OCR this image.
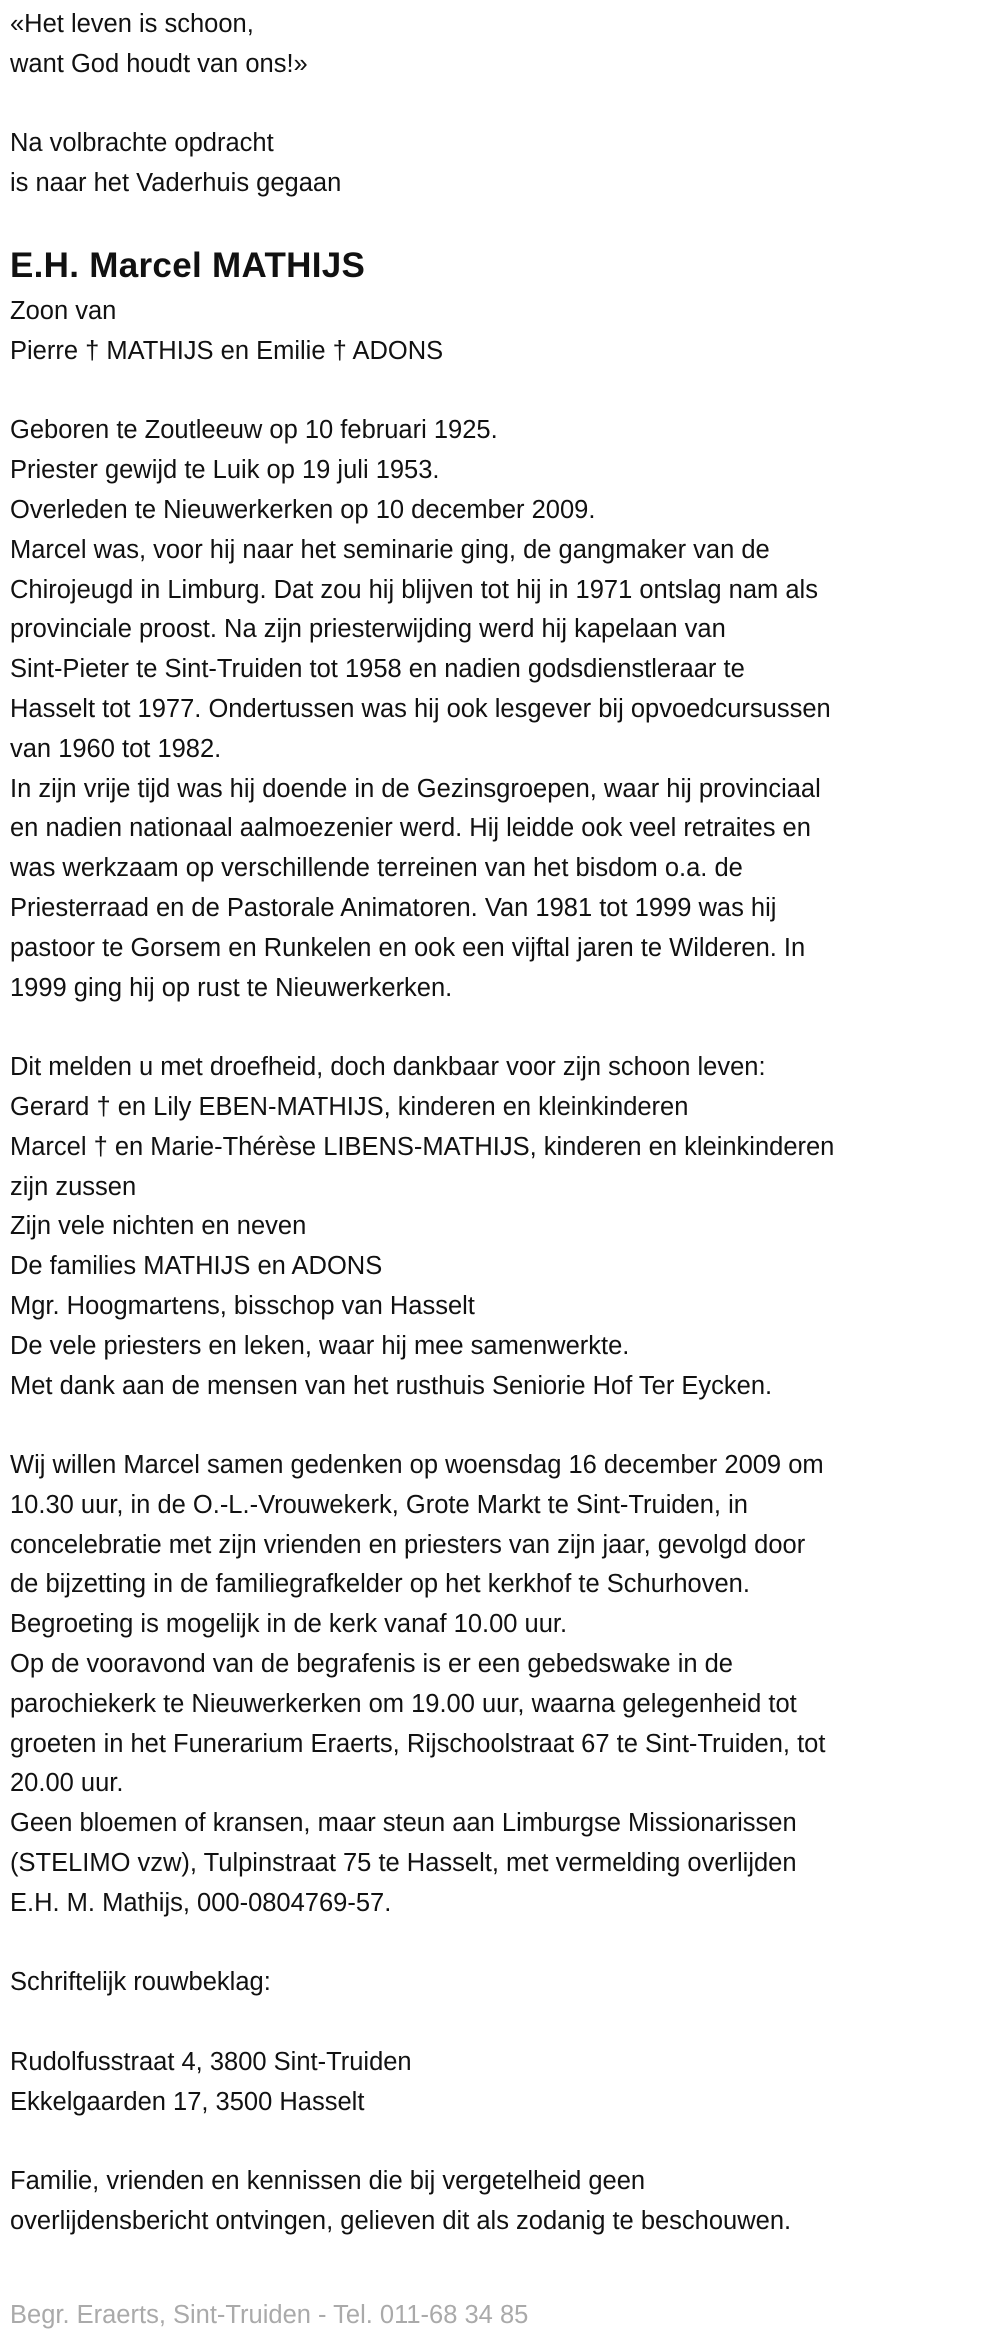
«Het leven is schoon,
want God houdt van ons!»
Na volbrachte opdracht
is naar het Vaderhuis gegaan
E.H. Marcel MATHIJS
Zoon van
Pierre † MATHIJS en Emilie † ADONS
Geboren te Zoutleeuw op 10 februari 1925.
Priester gewijd te Luik op 19 juli 1953.
Overleden te Nieuwerkerken op 10 december 2009.
Marcel was, voor hij naar het seminarie ging, de gangmaker van de
Chirojeugd in Limburg. Dat zou hij blijven tot hij in 1971 ontslag nam als
provinciale proost. Na zijn priesterwijding werd hij kapelaan van
Sint-Pieter te Sint-Truiden tot 1958 en nadien godsdienstleraar te
Hasselt tot 1977. Ondertussen was hij ook lesgever bij opvoedcursussen
van 1960 tot 1982.
In zijn vrije tijd was hij doende in de Gezinsgroepen, waar hij provinciaal
en nadien nationaal aalmoezenier werd. Hij leidde ook veel retraites en
was werkzaam op verschillende terreinen van het bisdom o.a. de
Priesterraad en de Pastorale Animatoren. Van 1981 tot 1999 was hij
pastoor te Gorsem en Runkelen en ook een vijftal jaren te Wilderen. In
1999 ging hij op rust te Nieuwerkerken.
Dit melden u met droefheid, doch dankbaar voor zijn schoon leven:
Gerard † en Lily EBEN-MATHIJS, kinderen en kleinkinderen
Marcel † en Marie-Thérèse LIBENS-MATHIJS, kinderen en kleinkinderen
zijn zussen
Zijn vele nichten en neven
De families MATHIJS en ADONS
Mgr. Hoogmartens, bisschop van Hasselt
De vele priesters en leken, waar hij mee samenwerkte.
Met dank aan de mensen van het rusthuis Seniorie Hof Ter Eycken.
Wij willen Marcel samen gedenken op woensdag 16 december 2009 om
10.30 uur, in de O.-L.-Vrouwekerk, Grote Markt te Sint-Truiden, in
concelebratie met zijn vrienden en priesters van zijn jaar, gevolgd door
de bijzetting in de familiegrafkelder op het kerkhof te Schurhoven.
Begroeting is mogelijk in de kerk vanaf 10.00 uur.
Op de vooravond van de begrafenis is er een gebedswake in de
parochiekerk te Nieuwerkerken om 19.00 uur, waarna gelegenheid tot
groeten in het Funerarium Eraerts, Rijschoolstraat 67 te Sint-Truiden, tot
20.00 uur.
Geen bloemen of kransen, maar steun aan Limburgse Missionarissen
(STELIMO vzw), Tulpinstraat 75 te Hasselt, met vermelding overlijden
E.H. M. Mathijs, 000-0804769-57.
Schriftelijk rouwbeklag:
Rudolfusstraat 4, 3800 Sint-Truiden
Ekkelgaarden 17, 3500 Hasselt
Familie, vrienden en kennissen die bij vergetelheid geen
overlijdensbericht ontvingen, gelieven dit als zodanig te beschouwen.
Begr. Eraerts, Sint-Truiden - Tel. 011-68 34 85
